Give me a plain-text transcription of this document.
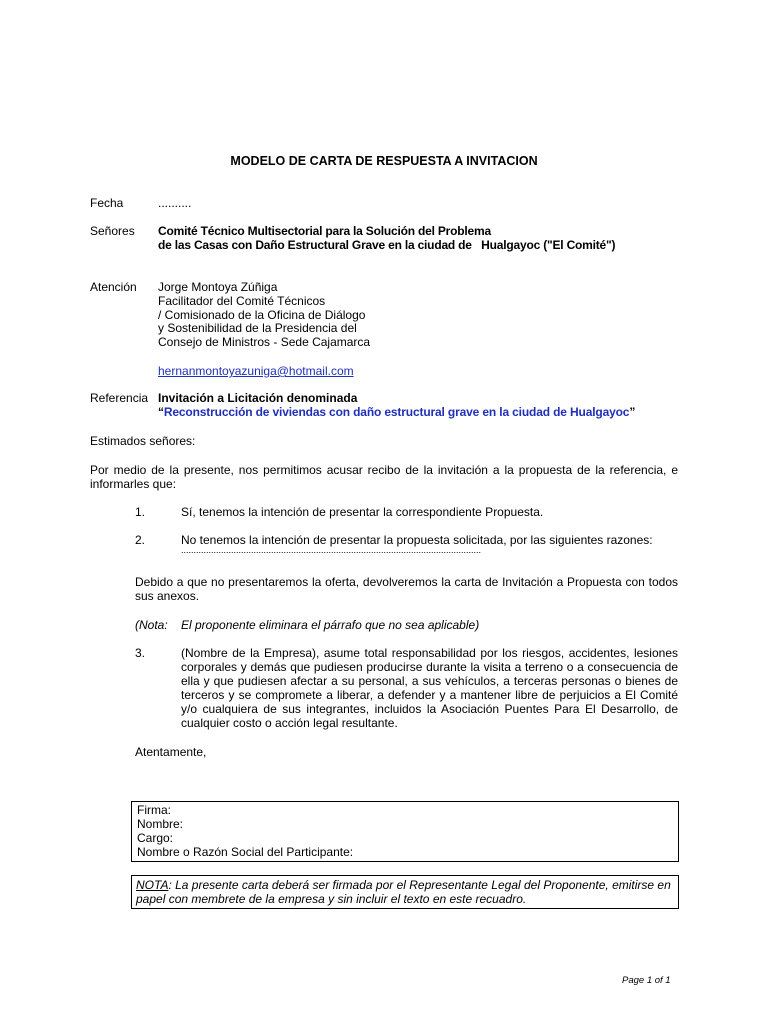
MODELO DE CARTA DE RESPUESTA A INVITACION
Fecha	..........
Señores Comité Técnico Multisectorial para la Solución del Problema
de las Casas con Daño Estructural Grave en la ciudad de   Hualgayoc ("El Comité")
Atención Jorge Montoya Zúñiga
Facilitador del Comité Técnicos
/ Comisionado de la Oficina de Diálogo
y Sostenibilidad de la Presidencia del
Consejo de Ministros - Sede Cajamarca
hernanmontoyazuniga@hotmail.com
Referencia Invitación a Licitación denominada
“Reconstrucción de viviendas con daño estructural grave en la ciudad de Hualgayoc”
Estimados señores:
Por medio de la presente, nos permitimos acusar recibo de la invitación a la propuesta de la referencia, e informarles que:
1.	Sí, tenemos la intención de presentar la correspondiente Propuesta.
2.	No tenemos la intención de presentar la propuesta solicitada, por las siguientes razones:
........................................................................................................................
Debido a que no presentaremos la oferta, devolveremos la carta de Invitación a Propuesta con todos sus anexos.
(Nota: El proponente eliminara el párrafo que no sea aplicable)
3.	(Nombre de la Empresa), asume total responsabilidad por los riesgos, accidentes, lesiones corporales y demás que pudiesen producirse durante la visita a terreno o a consecuencia de ella y que pudiesen afectar a su personal, a sus vehículos, a terceras personas o bienes de terceros y se compromete a liberar, a defender y a mantener libre de perjuicios a El Comité y/o cualquiera de sus integrantes, incluidos la Asociación Puentes Para El Desarrollo, de cualquier costo o acción legal resultante.
Atentamente,
Firma:
Nombre:
Cargo:
Nombre o Razón Social del Participante:
NOTA: La presente carta deberá ser firmada por el Representante Legal del Proponente, emitirse en papel con membrete de la empresa y sin incluir el texto en este recuadro.
Page 1 of 1
